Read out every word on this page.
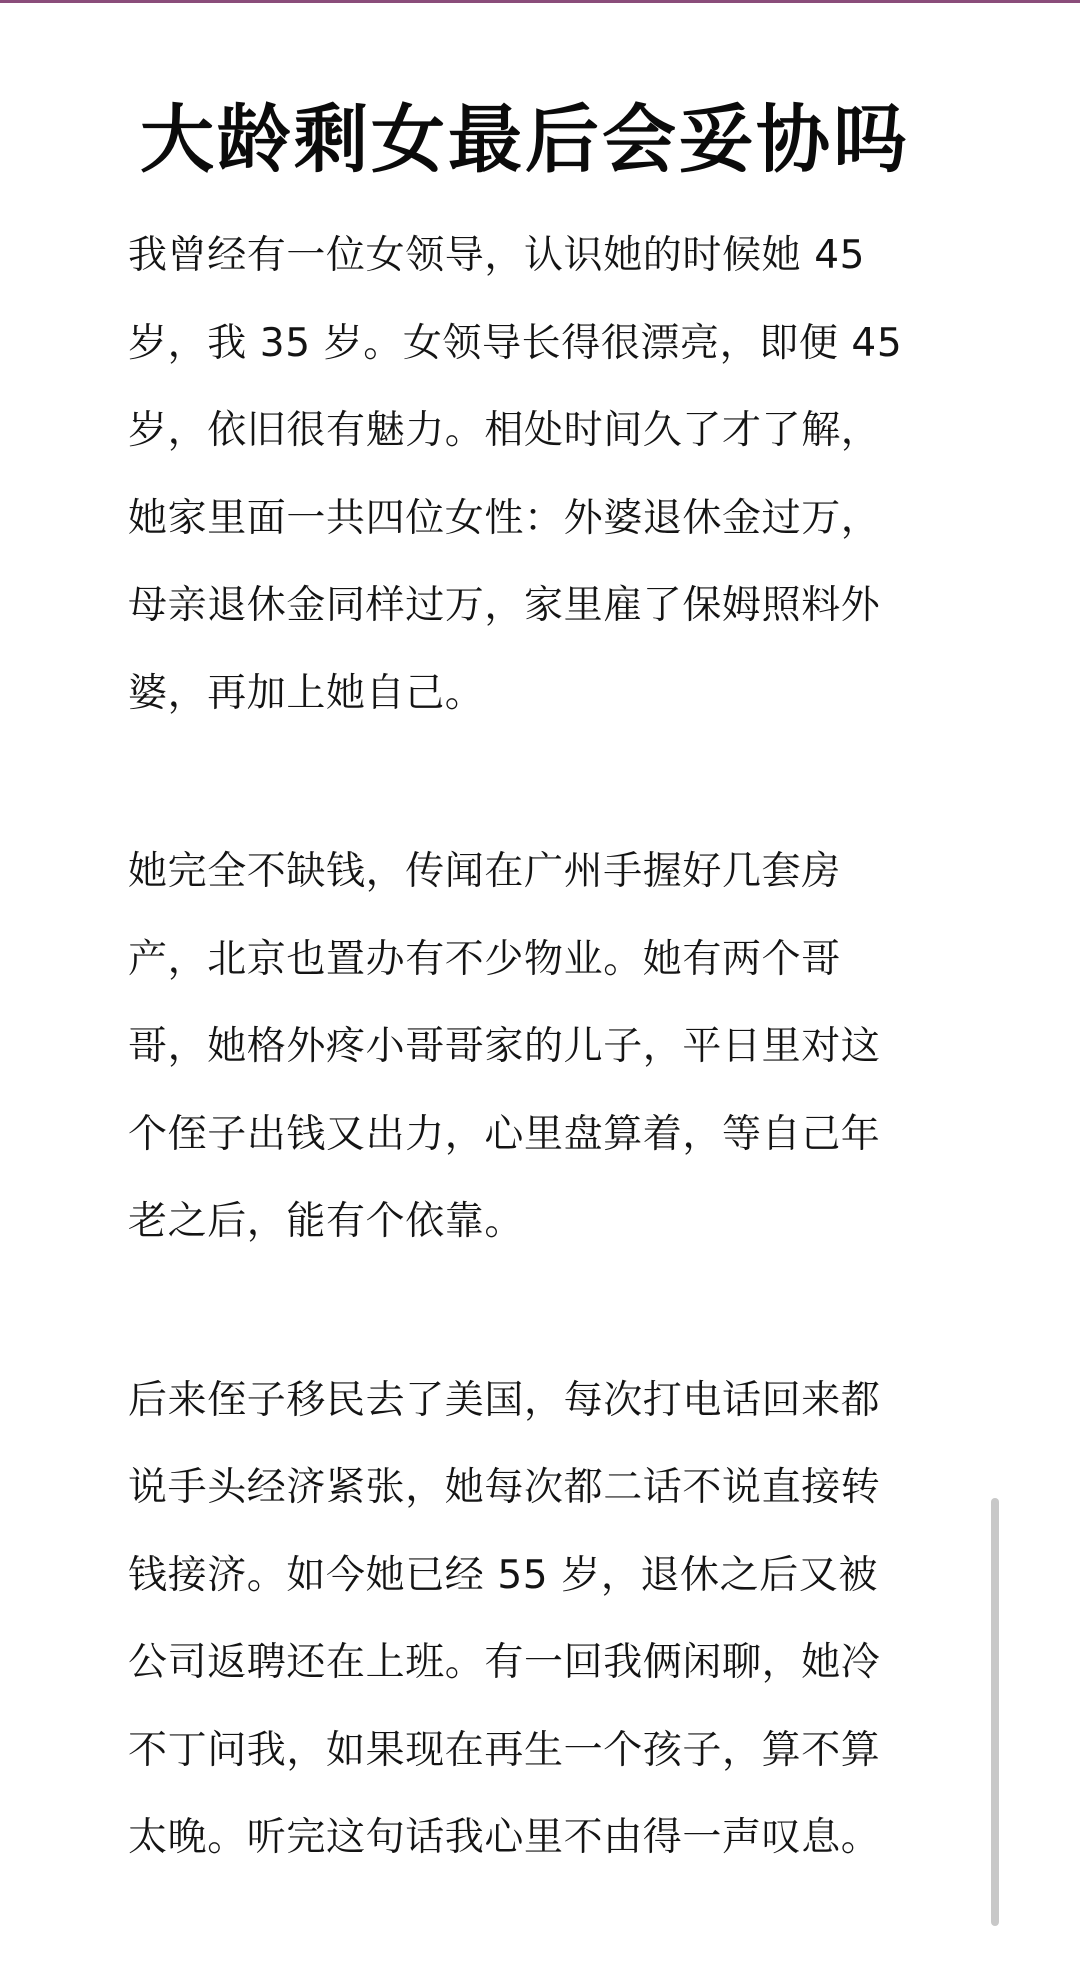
大龄剩女最后会妥协吗

我曾经有一位女领导，认识她的时候她 45
岁，我 35 岁。女领导长得很漂亮，即便 45
岁，依旧很有魅力。相处时间久了才了解，
她家里面一共四位女性：外婆退休金过万，
母亲退休金同样过万，家里雇了保姆照料外
婆，再加上她自己。

她完全不缺钱，传闻在广州手握好几套房
产，北京也置办有不少物业。她有两个哥
哥，她格外疼小哥哥家的儿子，平日里对这
个侄子出钱又出力，心里盘算着，等自己年
老之后，能有个依靠。

后来侄子移民去了美国，每次打电话回来都
说手头经济紧张，她每次都二话不说直接转
钱接济。如今她已经 55 岁，退休之后又被
公司返聘还在上班。有一回我俩闲聊，她冷
不丁问我，如果现在再生一个孩子，算不算
太晚。听完这句话我心里不由得一声叹息。
